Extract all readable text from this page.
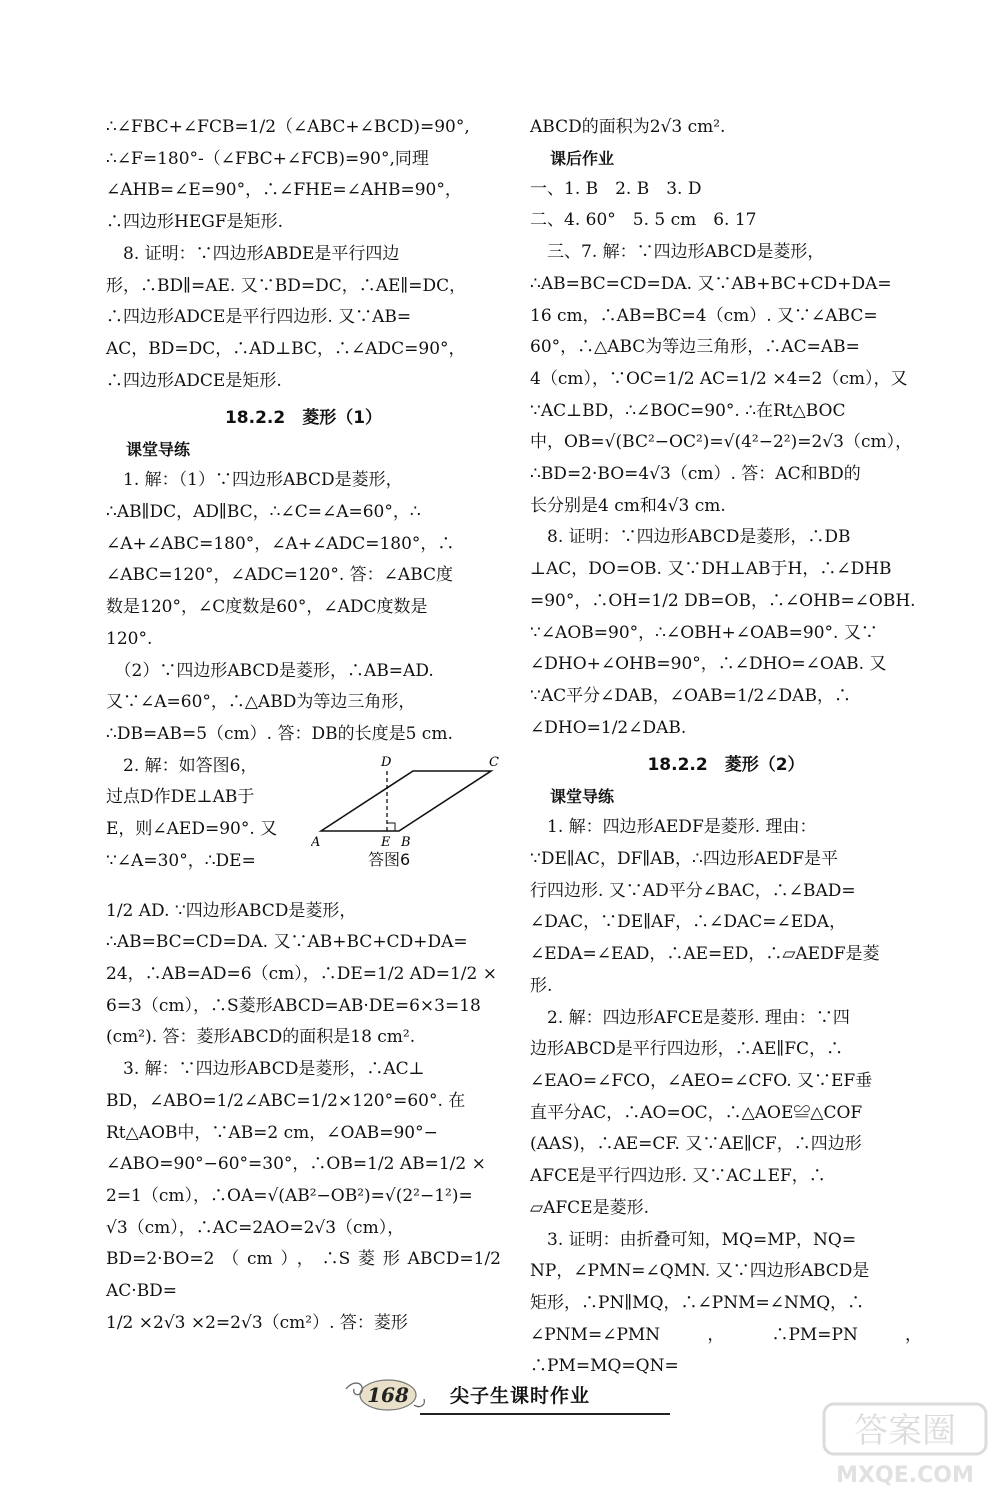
∴∠FBC+∠FCB=1/2（∠ABC+∠BCD)=90°,

∴∠F=180°-（∠FBC+∠FCB)=90°,同理

∠AHB=∠E=90°，∴∠FHE=∠AHB=90°，

∴四边形HEGF是矩形.

　8. 证明：∵四边形ABDE是平行四边

形，∴BD∥=AE. 又∵BD=DC，∴AE∥=DC，

∴四边形ADCE是平行四边形. 又∵AB=

AC，BD=DC，∴AD⊥BC，∴∠ADC=90°，

∴四边形ADCE是矩形.

18.2.2　菱形（1）
课堂导练

　1. 解：（1）∵四边形ABCD是菱形，

∴AB∥DC，AD∥BC，∴∠C=∠A=60°，∴

∠A+∠ABC=180°，∠A+∠ADC=180°，∴

∠ABC=120°，∠ADC=120°. 答：∠ABC度

数是120°，∠C度数是60°，∠ADC度数是

120°.

　（2）∵四边形ABCD是菱形，∴AB=AD.

又∵∠A=60°，∴△ABD为等边三角形，

∴DB=AB=5（cm）. 答：DB的长度是5 cm.

　2. 解：如答图6，

过点D作DE⊥AB于

E，则∠AED=90°. 又

∵∠A=30°，∴DE=

A	E B
D	C
答图6

1/2 AD. ∵四边形ABCD是菱形，

∴AB=BC=CD=DA. 又∵AB+BC+CD+DA=

24，∴AB=AD=6（cm），∴DE=1/2 AD=1/2 ×

6=3（cm），∴S菱形ABCD=AB·DE=6×3=18

(cm²). 答：菱形ABCD的面积是18 cm².

　3. 解：∵四边形ABCD是菱形，∴AC⊥

BD，∠ABO=1/2∠ABC=1/2×120°=60°. 在

Rt△AOB中，∵AB=2 cm，∠OAB=90°−

∠ABO=90°−60°=30°，∴OB=1/2 AB=1/2 ×

2=1（cm），∴OA=√(AB²−OB²)=√(2²−1²)=

√3（cm），∴AC=2AO=2√3（cm），

BD=2·BO=2（cm），∴S菱形ABCD=1/2 AC·BD=

1/2 ×2√3 ×2=2√3（cm²）. 答：菱形

ABCD的面积为2√3 cm².

课后作业

一、1. B　2. B　3. D

二、4. 60°　5. 5 cm　6. 17

　三、7. 解：∵四边形ABCD是菱形，

∴AB=BC=CD=DA. 又∵AB+BC+CD+DA=

16 cm，∴AB=BC=4（cm）. 又∵∠ABC=

60°，∴△ABC为等边三角形，∴AC=AB=

4（cm），∵OC=1/2 AC=1/2 ×4=2（cm），又

∵AC⊥BD，∴∠BOC=90°. ∴在Rt△BOC

中，OB=√(BC²−OC²)=√(4²−2²)=2√3（cm），

∴BD=2·BO=4√3（cm）. 答：AC和BD的

长分别是4 cm和4√3 cm.

　8. 证明：∵四边形ABCD是菱形，∴DB

⊥AC，DO=OB. 又∵DH⊥AB于H，∴∠DHB

=90°，∴OH=1/2 DB=OB，∴∠OHB=∠OBH.

∵∠AOB=90°，∴∠OBH+∠OAB=90°. 又∵

∠DHO+∠OHB=90°，∴∠DHO=∠OAB. 又

∵AC平分∠DAB，∠OAB=1/2∠DAB，∴

∠DHO=1/2∠DAB.

18.2.2　菱形（2）
课堂导练

　1. 解：四边形AEDF是菱形. 理由：

∵DE∥AC，DF∥AB，∴四边形AEDF是平

行四边形. 又∵AD平分∠BAC，∴∠BAD=

∠DAC，∵DE∥AF，∴∠DAC=∠EDA，

∠EDA=∠EAD，∴AE=ED，∴▱AEDF是菱

形.

　2. 解：四边形AFCE是菱形. 理由：∵四

边形ABCD是平行四边形，∴AE∥FC，∴

∠EAO=∠FCO，∠AEO=∠CFO. 又∵EF垂

直平分AC，∴AO=OC，∴△AOE≌△COF

(AAS)，∴AE=CF. 又∵AE∥CF，∴四边形

AFCE是平行四边形. 又∵AC⊥EF，∴

▱AFCE是菱形.

　3. 证明：由折叠可知，MQ=MP，NQ=

NP，∠PMN=∠QMN. 又∵四边形ABCD是

矩形，∴PN∥MQ，∴∠PNM=∠NMQ，∴

∠PNM=∠PMN，∴PM=PN，∴PM=MQ=QN=

168 尖子生课时作业
答案圈
MXQE.COM
